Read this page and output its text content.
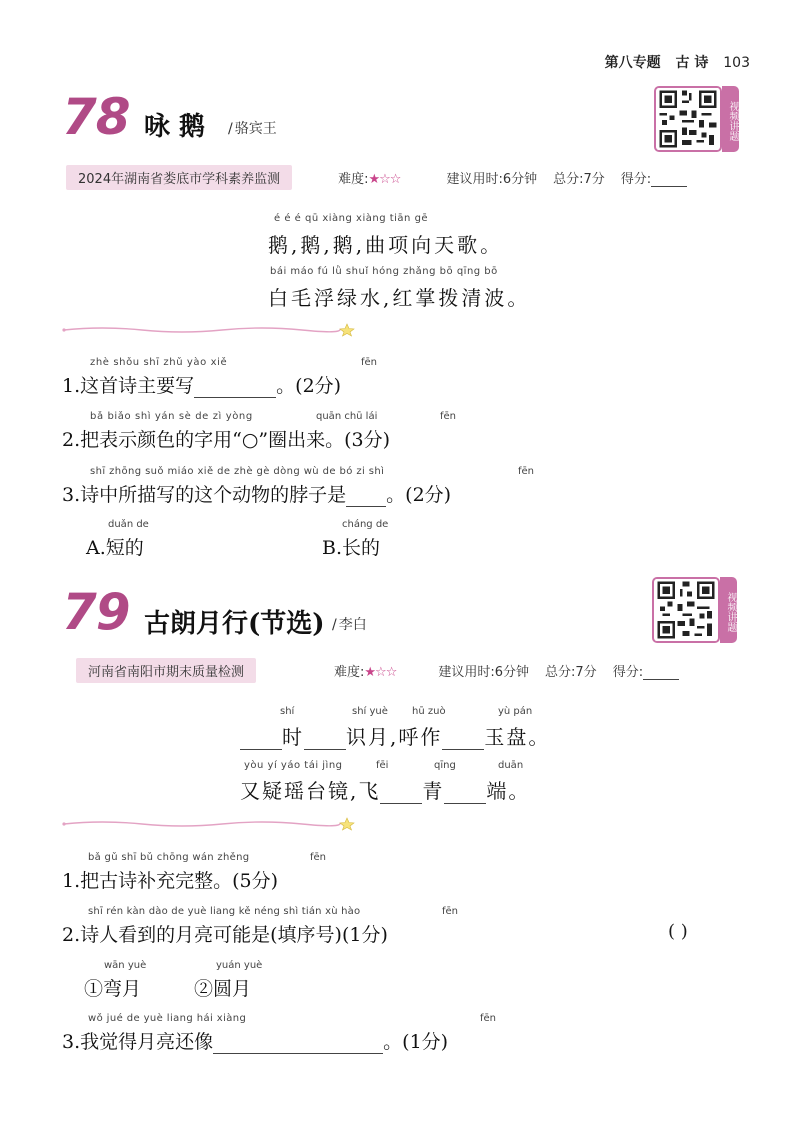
第八专题 古 诗 103
78 咏 鹅	/ 骆宾王	视频讲题
2024年湖南省娄底市学科素养监测	难度:★☆☆	建议用时:6分钟 总分:7分 得分:
é é é qū xiàng xiàng tiān gē
鹅,鹅,鹅,曲项向天歌。
bái máo fú lǜ shuǐ hóng zhǎng bō qīng bō
白毛浮绿水,红掌拨清波。
zhè shǒu shī zhǔ yào xiě	fēn
1.这首诗主要写	。(2分)
bǎ biǎo shì yán sè de zì yòng	quān chū lái	fēn
2.把表示颜色的字用“○”圈出来。(3分)
shī zhōng suǒ miáo xiě de zhè gè dòng wù de bó zi shì	fēn
3.诗中所描写的这个动物的脖子是 。(2分)
duǎn de
A.短的
cháng de
B.长的
79 古朗月行(节选)	/ 李白	视频讲题
河南省南阳市期末质量检测	难度:★☆☆	建议用时:6分钟 总分:7分 得分:
shí	shí yuè hū zuò	yù pán
时 识月,呼作 玉盘。
yòu yí yáo tái jìng	fēi	qīng	duān
又疑瑶台镜,飞 青 端。
bǎ gǔ shī bǔ chōng wán zhěng	fēn
1.把古诗补充完整。(5分)
shī rén kàn dào de yuè liang kě néng shì tián xù hào	fēn
2.诗人看到的月亮可能是(填序号)(1分)	( )
wān yuè
①弯月
yuán yuè
②圆月
wǒ jué de yuè liang hái xiàng	fēn
3.我觉得月亮还像	。(1分)
